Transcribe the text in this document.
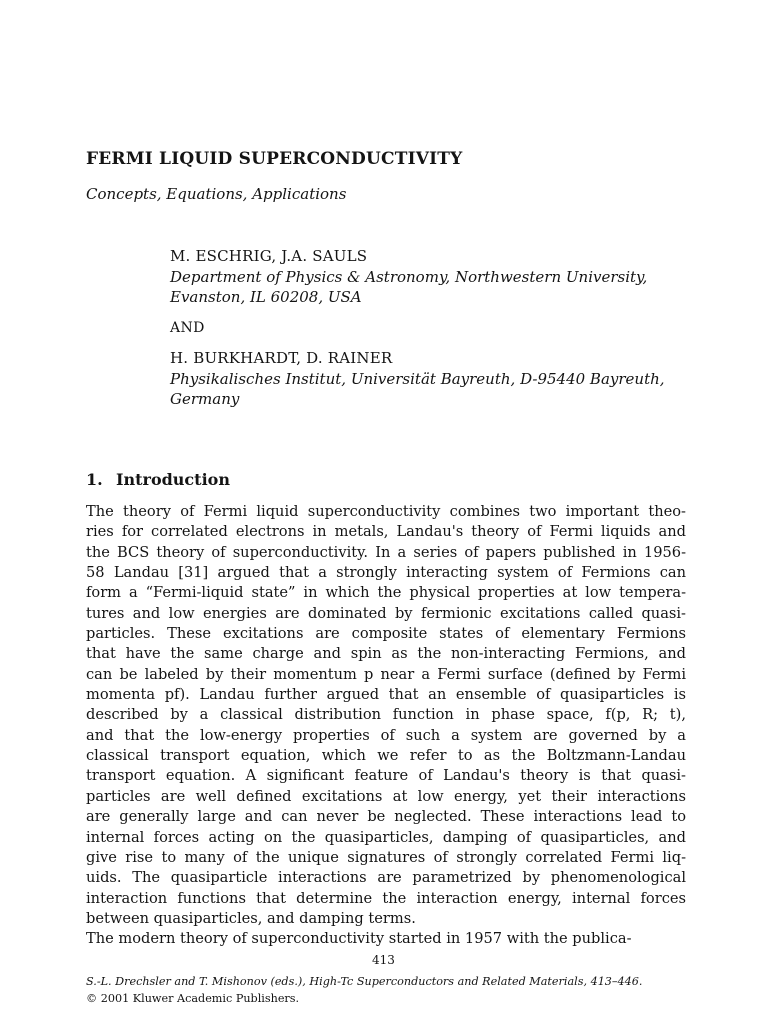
FERMI LIQUID SUPERCONDUCTIVITY
Concepts, Equations, Applications
M. ESCHRIG, J.A. SAULS
Department of Physics & Astronomy, Northwestern University,
Evanston, IL 60208, USA
AND
H. BURKHARDT, D. RAINER
Physikalisches Institut, Universität Bayreuth, D-95440 Bayreuth,
Germany
1. Introduction
The theory of Fermi liquid superconductivity combines two important theo-
ries for correlated electrons in metals, Landau's theory of Fermi liquids and
the BCS theory of superconductivity. In a series of papers published in 1956-
58 Landau [31] argued that a strongly interacting system of Fermions can
form a “Fermi-liquid state” in which the physical properties at low tempera-
tures and low energies are dominated by fermionic excitations called quasi-
particles. These excitations are composite states of elementary Fermions
that have the same charge and spin as the non-interacting Fermions, and
can be labeled by their momentum p near a Fermi surface (defined by Fermi
momenta pf). Landau further argued that an ensemble of quasiparticles is
described by a classical distribution function in phase space, f(p, R; t),
and that the low-energy properties of such a system are governed by a
classical transport equation, which we refer to as the Boltzmann-Landau
transport equation. A significant feature of Landau's theory is that quasi-
particles are well defined excitations at low energy, yet their interactions
are generally large and can never be neglected. These interactions lead to
internal forces acting on the quasiparticles, damping of quasiparticles, and
give rise to many of the unique signatures of strongly correlated Fermi liq-
uids. The quasiparticle interactions are parametrized by phenomenological
interaction functions that determine the interaction energy, internal forces
between quasiparticles, and damping terms.
The modern theory of superconductivity started in 1957 with the publica-
413
S.-L. Drechsler and T. Mishonov (eds.), High-Tc Superconductors and Related Materials, 413–446.
© 2001 Kluwer Academic Publishers.
